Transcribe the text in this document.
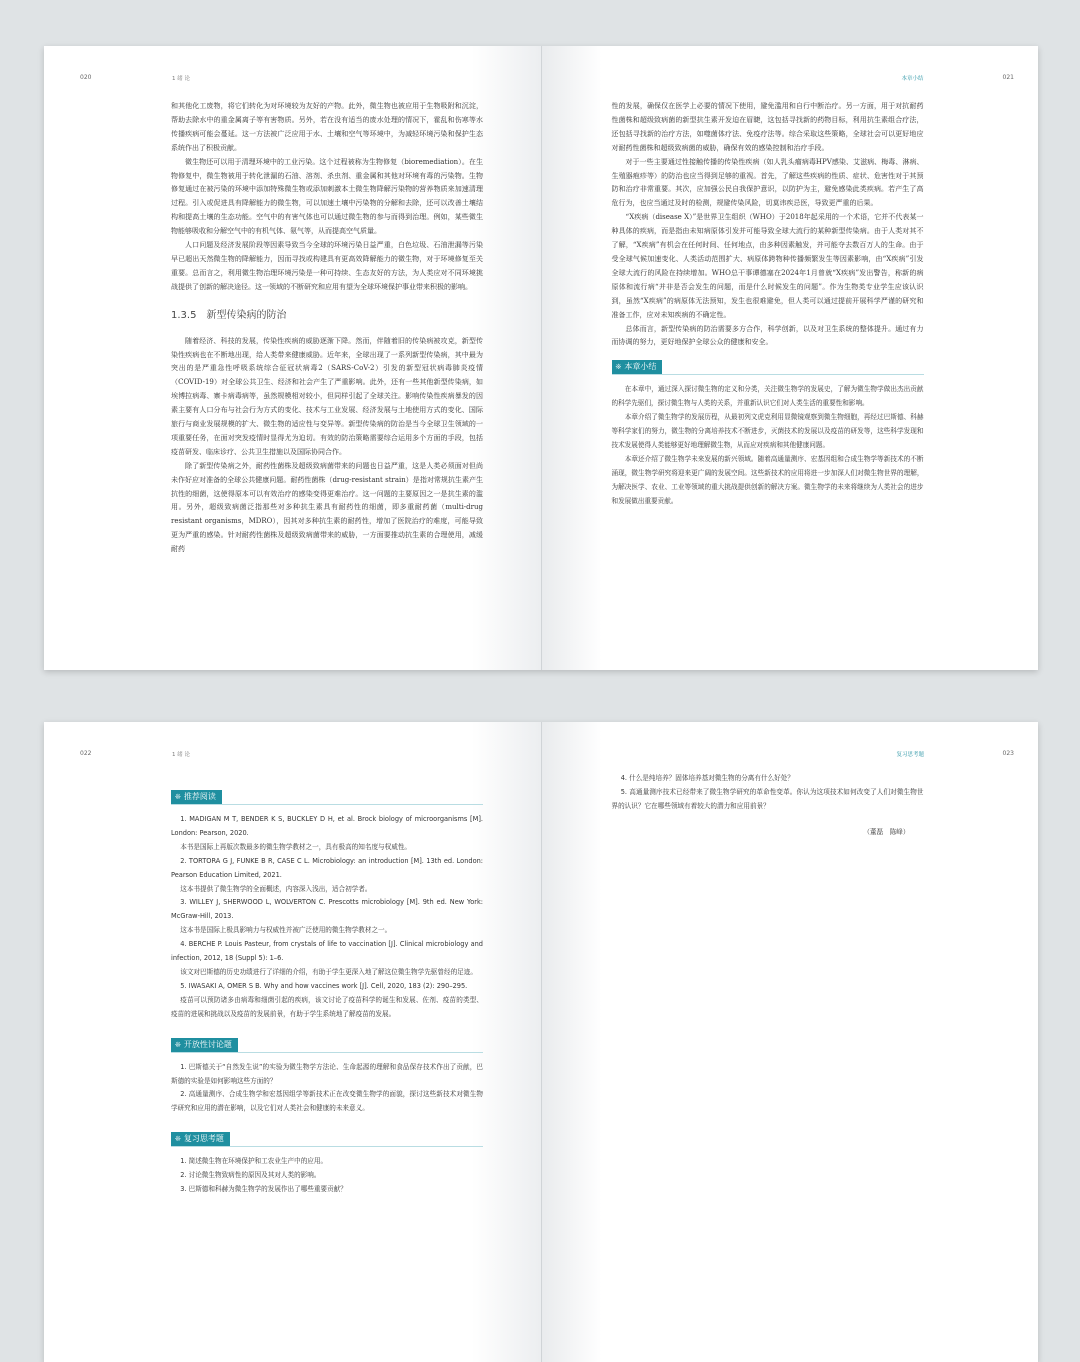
020	1 绪 论

和其他化工废物，将它们转化为对环境较为友好的产物。此外，微生物也被应用于生物吸附和沉淀，帮助去除水中的重金属离子等有害物质。另外，若在没有适当的废水处理的情况下，霍乱和伤寒等水传播疾病可能会蔓延。这一方法被广泛应用于水、土壤和空气等环境中，为减轻环境污染和保护生态系统作出了积极贡献。

微生物还可以用于清理环境中的工业污染。这个过程被称为生物修复（bioremediation）。在生物修复中，微生物被用于转化泄漏的石油、溶剂、杀虫剂、重金属和其他对环境有毒的污染物。生物修复通过在被污染的环境中添加特殊微生物或添加刺激本土微生物降解污染物的营养物质来加速清理过程。引入或促进具有降解能力的微生物，可以加速土壤中污染物的分解和去除，还可以改善土壤结构和提高土壤的生态功能。空气中的有害气体也可以通过微生物的参与而得到治理。例如，某些微生物能够吸收和分解空气中的有机气体、氨气等，从而提高空气质量。

人口问题及经济发展阶段等因素导致当今全球的环境污染日益严重，白色垃圾、石油泄漏等污染早已超出天然微生物的降解能力，因而寻找或构建具有更高效降解能力的微生物，对于环境修复至关重要。总而言之，利用微生物治理环境污染是一种可持续、生态友好的方法，为人类应对不同环境挑战提供了创新的解决途径。这一领域的不断研究和应用有望为全球环境保护事业带来积极的影响。

1.3.5　新型传染病的防治

随着经济、科技的发展，传染性疾病的威胁逐渐下降。然而，伴随着旧的传染病被攻克，新型传染性疾病也在不断地出现，给人类带来健康威胁。近年来，全球出现了一系列新型传染病，其中最为突出的是严重急性呼吸系统综合征冠状病毒2（SARS-CoV-2）引发的新型冠状病毒肺炎疫情（COVID-19）对全球公共卫生、经济和社会产生了严重影响。此外，还有一些其他新型传染病，如埃博拉病毒、寨卡病毒病等，虽然规模相对较小，但同样引起了全球关注。影响传染性疾病暴发的因素主要有人口分布与社会行为方式的变化、技术与工业发展、经济发展与土地使用方式的变化、国际旅行与商业发展规模的扩大、微生物的适应性与变异等。新型传染病的防治是当今全球卫生领域的一项重要任务，在面对突发疫情时显得尤为迫切。有效的防治策略需要综合运用多个方面的手段，包括疫苗研发、临床诊疗、公共卫生措施以及国际协同合作。

除了新型传染病之外，耐药性菌株及超级致病菌带来的问题也日益严重，这是人类必须面对但尚未作好应对准备的全球公共健康问题。耐药性菌株（drug-resistant strain）是指对常规抗生素产生抗性的细菌，这使得原本可以有效治疗的感染变得更难治疗。这一问题的主要原因之一是抗生素的滥用。另外，超级致病菌泛指那些对多种抗生素具有耐药性的细菌，即多重耐药菌（multi-drug resistant organisms，MDRO），因其对多种抗生素的耐药性，增加了医院治疗的难度，可能导致更为严重的感染。针对耐药性菌株及超级致病菌带来的威胁，一方面要推动抗生素的合理使用，减缓耐药

本章小结	021

性的发展，确保仅在医学上必要的情况下使用，避免滥用和自行中断治疗。另一方面，用于对抗耐药性菌株和超级致病菌的新型抗生素开发迫在眉睫，这包括寻找新的药物目标，利用抗生素组合疗法，还包括寻找新的治疗方法，如噬菌体疗法、免疫疗法等。综合采取这些策略，全球社会可以更好地应对耐药性菌株和超级致病菌的威胁，确保有效的感染控制和治疗手段。

对于一些主要通过性接触传播的传染性疾病（如人乳头瘤病毒HPV感染、艾滋病、梅毒、淋病、生殖器疱疹等）的防治也应当得到足够的重视。首先，了解这些疾病的性质、症状、危害性对于其预防和治疗非常重要。其次，应加强公民自我保护意识，以防护为主，避免感染此类疾病。若产生了高危行为，也应当通过及时的检测，规避传染风险，切莫讳疾忌医，导致更严重的后果。

“X疾病（disease X）”是世界卫生组织（WHO）于2018年起采用的一个术语，它并不代表某一种具体的疾病，而是指由未知病原体引发并可能导致全球大流行的某种新型传染病。由于人类对其不了解，“X疾病”有机会在任何时间、任何地点，由多种因素触发，并可能夺去数百万人的生命。由于受全球气候加速变化、人类活动范围扩大、病原体跨物种传播频繁发生等因素影响，由“X疾病”引发全球大流行的风险在持续增加。WHO总干事谭德塞在2024年1月曾就“X疾病”发出警告，称新的病原体和流行病“并非是否会发生的问题，而是什么时候发生的问题”。作为生物类专业学生应该认识到，虽然“X疾病”的病原体无法预知，发生也很难避免，但人类可以通过提前开展科学严谨的研究和准备工作，应对未知疾病的不确定性。

总体而言，新型传染病的防治需要多方合作，科学创新，以及对卫生系统的整体提升。通过有力而协调的努力，更好地保护全球公众的健康和安全。

❊ 本章小结

在本章中，通过深入探讨微生物的定义和分类，关注微生物学的发展史，了解为微生物学做出杰出贡献的科学先驱们，探讨微生物与人类的关系，并重新认识它们对人类生活的重要性和影响。

本章介绍了微生物学的发展历程，从最初列文虎克利用显微镜观察到微生物细胞，再经过巴斯德、科赫等科学家们的努力，微生物的分离培养技术不断进步，灭菌技术的发展以及疫苗的研发等，这些科学发现和技术发展使得人类能够更好地理解微生物，从而应对疾病和其他健康问题。

本章还介绍了微生物学未来发展的新兴领域。随着高通量测序、宏基因组和合成生物学等新技术的不断涌现，微生物学研究将迎来更广阔的发展空间。这些新技术的应用将进一步加深人们对微生物世界的理解，为解决医学、农业、工业等领域的重大挑战提供创新的解决方案。微生物学的未来将继续为人类社会的进步和发展做出重要贡献。

022	1 绪 论
❊ 推荐阅读

1. MADIGAN M T, BENDER K S, BUCKLEY D H, et al. Brock biology of microorganisms [M]. London: Pearson, 2020.

本书是国际上再版次数最多的微生物学教材之一，具有极高的知名度与权威性。

2. TORTORA G J, FUNKE B R, CASE C L. Microbiology: an introduction [M]. 13th ed. London: Pearson Education Limited, 2021.

这本书提供了微生物学的全面概述，内容深入浅出，适合初学者。

3. WILLEY J, SHERWOOD L, WOLVERTON C. Prescotts microbiology [M]. 9th ed. New York: McGraw-Hill, 2013.

这本书是国际上极具影响力与权威性并被广泛使用的微生物学教材之一。

4. BERCHE P. Louis Pasteur, from crystals of life to vaccination [J]. Clinical microbiology and infection, 2012, 18 (Suppl 5): 1–6.

该文对巴斯德的历史功绩进行了详细的介绍，有助于学生更深入地了解这位微生物学先驱曾经的足迹。

5. IWASAKI A, OMER S B. Why and how vaccines work [J]. Cell, 2020, 183 (2): 290–295.

疫苗可以预防诸多由病毒和细菌引起的疾病，该文讨论了疫苗科学的诞生和发展、佐剂、疫苗的类型、疫苗的进展和挑战以及疫苗的发展前景，有助于学生系统地了解疫苗的发展。

❊ 开放性讨论题

1. 巴斯德关于“自然发生说”的实验为微生物学方法论、生命起源的理解和食品保存技术作出了贡献，巴斯德的实验是如何影响这些方面的？

2. 高通量测序、合成生物学和宏基因组学等新技术正在改变微生物学的面貌，探讨这些新技术对微生物学研究和应用的潜在影响，以及它们对人类社会和健康的未来意义。

❊ 复习思考题

1. 简述微生物在环境保护和工农业生产中的应用。

2. 讨论微生物致病性的原因及其对人类的影响。

3. 巴斯德和科赫为微生物学的发展作出了哪些重要贡献？

复习思考题	023

4. 什么是纯培养？固体培养基对微生物的分离有什么好处？

5. 高通量测序技术已经带来了微生物学研究的革命性变革。你认为这项技术如何改变了人们对微生物世界的认识？它在哪些领域有着较大的潜力和应用前景？

（董磊　陈峰）
